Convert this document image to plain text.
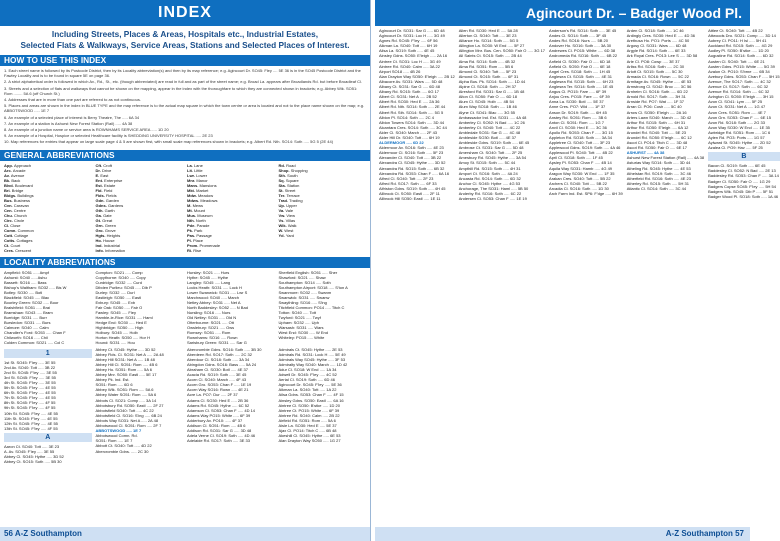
INDEX
Including Streets, Places & Areas, Hospitals etc., Industrial Estates,
Selected Flats & Walkways, Service Areas, Stations and Selected Places of Interest.
HOW TO USE THIS INDEX
1. Each street name is followed by its Postcode District, then by its Locality abbreviation(s) and then by its map reference; e.g. Agincourt Dr. SO45: Fley .... 5E 36 is in the SO45 Postcode District and the Fawley Locality and is to be found in square 5E on page 36.
2. A strict alphabetical order is followed in which Av., Rd., St., etc. (though abbreviated) are read in full and as part of the street name; e.g. Broad La. appears after Broadlands Rd. but before Broadleaf Cl.
3. Streets and a selection of flats and walkways that cannot be shown on the mapping, appear in the index with the thoroughfare to which they are connected shown in brackets; e.g. Abbey Wik. SO51: Rom ........ 5A 6 (off Church St.)
4. Addresses that are in more than one part are referred to as not continuous.
5. Places and areas are shown in the index in BLUE TYPE and the map reference is to the actual map square in which the town centre or area is located and not to the place name shown on the map; e.g. ABBOTSWOOD ..... 1E 7
6. An example of a selected place of interest is Berry Theatre, The ..... 6A 34
7. An example of a station is Ashurst New Forest Station (Rail) ..... 4A 38
8. An example of a junction name or service area is ROWNHAMS SERVICE AREA ..... 1D 20
9. An example of a Hospital, Hospice or selected Healthcare facility is SHEDDING UNIVERSITY HOSPITAL ..... 2E 23
10. Map references for entries that appear on large scale page 4 & 5 are shown first, with small scale map references shown in brackets; e.g. Albert Rd. Nth. SO14: Soth ..... 5G 5 (2E 44)
GENERAL ABBREVIATIONS
App. Approach
Arc. Arcade
Av. Avenue
Bk. Back
Blvd. Boulevard
Bri. Bridge
Bldgs. Buildings
Bus. Business
Cvn. Caravan
Cen. Centre
Chu. Church
Circ. Circle
Cl. Close
Comn. Common
Cott. Cottage
Cotts. Cottages
Ct. Court
Cres. Crescent
Cft. Croft
Dr. Drive
E. East
Ent. Enterprise
Est. Estate
Fld. Field
Flds. Fields
Gdn. Garden
Gdns. Gardens
Gth. Garth
Ga. Gate
Gt. Great
Grn. Green
Gro. Grove
Hgts. Heights
Ho. House
Ind. Industrial
Info. Information
La. Lane
Lit. Little
Lwr. Lower
Mnr. Manor
Mans. Mansions
Mkt. Market
Mdw. Meadow
Mdws. Meadows
M. Mews
Mt. Mount
Mus. Museum
Nth. North
Pde. Parade
Pk. Park
Pas. Passage
Pl. Place
Prom. Promenade
Ri. Rise
Rd. Road
Shop. Shopping
Sth. South
Sq. Square
Sta. Station
St. Street
Ter. Terrace
Trad. Trading
Up. Upper
Va. Vale
Vw. View
Vs. Villas
Wik. Walk
W. West
Yd. Yard
LOCALITY ABBREVIATIONS
Ampfield: SO51 ..... Ampf
Ashurst: SO40 ..... Ashu
Bassett: SO16 ..... Bass
Bishop's Waltham: SO32 ..... Bis W
Botley: SO30 ..... Botl
Blackfield: SO45 ..... Blac
Boorley Green: SO32 ..... Boor
Braishfield: SO51 ..... Brai
Bramshaw: SO43 ..... Bram
Burridge: SO31 ..... Burr
Bursledon: SO31 ..... Burs
Calmore: SO40 ..... Calm
Chandler's Ford: SO53 ..... Chan F
Chilworth: SO16 ..... Chil
Colden Common: SO21 ..... Col C
Compton: SO21 ..... Comp
Copythorne: SO40 ..... Copy
Curdridge: SO32 ..... Curd
Dibden Purlieu: SO45 ..... Dib P
Durley: SO32 ..... Durl
Eastleigh: SO50 ..... Eastl
Exbury: SO45 ..... Exb
Fair Oak: SO50 ..... Fair O
Fawley: SO45 ..... Fley
Hamble-le-Rice: SO31 ..... Haml
Hedge End: SO30 ..... Hed E
Highbridge: SO50 ..... High
Holbury: SO45 ..... Holb
Horton Heath: SO50 ..... Hor H
Hound: SO31 ..... Hou
Hursley: SO21 ..... Hurs
Hythe: SO45 ..... Hythe
Langley: SO45 ..... Lang
Locks Heath: SO31 ..... Lock H
Lower Swanwick: SO31 ..... Lwr S
Marchwood: SO40 ..... March
Netley Abbey: SO31 ..... Net A
North Baddesley: SO52 ..... N Bad
Nursling: SO16 ..... Nurs
Old Netley: SO31 ..... Old N
Otterbourne: SO21 ..... Ott
Owslebury: SO21 ..... Ows
Romsey: SO51 ..... Rom
Rownhams: SO16 ..... Rown
Sarisbury Green: SO31 ..... Sar G
Sherfield English: SO51 ..... Sher
Shawford: SO21 ..... Shaw
Southampton: SO14 ..... Soth
Southampton Airport: SO18 ..... S'ton A
Swanmore: SO32 ..... Swanm
Swanwick: SO31 ..... Swanw
Swaythling: SO16 ..... S'ing
Titchfield Common: PO14 ..... Titch C
Totton: SO40 ..... Tott
Twyford: SO21 ..... Twyf
Upham: SO32 ..... Uph
Warsash: SO31 ..... Wars
West End: SO30 ..... W End
Whiteley: PO15 ..... White
1
1st St. SO45: F'ley ..... 3E 55
2nd Av. SO40: Tott ..... 3B 22
2nd St. SO45: F'ley ..... 3E 55
3rd St. SO45: F'ley ..... 3E 55
4th St. SO45: F'ley ..... 3E 55
5th St. SO45: F'ley ..... 4E 55
6th St. SO45: F'ley ..... 4E 55
7th St. SO45: F'ley ..... 4E 55
8th St. SO45: F'ley ..... 4F 55
9th St. SO45: F'ley ..... 4F 55
10th St. SO45: F'ley ..... 4E 55
11th St. SO45: F'ley ..... 4E 55
12th St. SO45: F'ley ..... 4E 55
13th St. SO45: F'ley ..... 4F 55
A
Aaron Ct. SO40: Tott ..... 3E 23
A. Av. SO45: F'ley ..... 3E 55
Abbey Cl. SO45: Hythe ..... 3D 52
Abbey Ct. SO15: Soth ..... 5B 30
Abbey Ct. SO45: Hythe ..... 3D 52
Abbey Flds. Cl. SO31: Net A ..... 2A 48
Abbey Hill SO31: Net A ..... 1B 48
Abbey Hill Cl. SO51: Rom ..... 4B 6
Abbey Ho. SO51: Rom ..... 5A 6
Abbey Mnr. SO50: Eastl ..... 5E 17
Abbey Pk. Ind. Est.
SO51: Rom ..... 6D 6
Abbey Wlk. SO51: Rom ..... 5A 6
Abbey Water SO51: Rom ..... 5A 6
Abbots Cl. SO21: Comp ..... 3A 14
Abbotsbury Rd. SO50: Eastl ..... 2F 27
Abbotsfield SO40: Tott ..... 4C 22
Abbotsfield Cl. SO16: S'ing ..... 6B 24
Abbots Way SO31: Net A ..... 2A 48
Abbotswood Cl. SO51: Rom ..... 2F 7
ABBOTSWOOD ..... 1E 7
Abbotswood Comn. Rd.
SO51: Rom ..... 1E 7
Abbott Ct. SO40: Tott ..... 4D 22
Abercrombie Gdns. ..... 2C 30
Abercrombie Gdns. SO16: Soth ..... 3B 30
Aberdeen Rd. SO17: Soth ..... 2C 32
Aberdour Cl. SO18: Soth ..... 3A 34
Abingdon Gdns. SO16: Bass ..... 5A 24
Abraham Cl. SO30: Botl ..... 4E 37
Acacia Rd. SO19: Soth ..... 3E 45
Acorn Cl. SO40: March ..... 4F 43
Acorn Gro. SO53: Chan F ..... 1E 19
Acorn Way SO16: Rown ..... 4E 21
Acre La. PO7: Dur ..... 2F 37
Adams Cl. SO30: Hed E ..... 2B 36
Adams Rd. SO45: Hythe ..... 6C 52
Adamson Cl. SO53: Chan F ..... 4D 14
Adams Way PO15: White ..... 6F 39
Adderbury Av. PO10: ..... 4F 37
Addison Cl. SO51: Rom ..... 4B 6
Addison Rd. SO31: Sar G ..... 3D 48
Adela Verne Cl. SO19: Soth ..... 4D 46
Adelaide Rd. SO17: Soth ..... 3E 33
Admirals Ct. SO45: Hythe ..... 2E 53
Admirals Rd. SO31: Lock H ..... 5E 49
Admirals Way SO45: Hythe ..... 3F 53
Admiralty Way SO40: March ..... 1D 42
Adur Cl. SO18: W End ..... 1A 34
Adwell Dr. SO45: F'ley ..... 4C 52
Aerial Cl. SO19: Soth ..... 6D 46
Agincourt Dr. SO45: F'ley ..... 5E 36
Aikman La. SO40: Tott ..... 1A 22
Ailsa Gdns. SO53: Chan F ..... 4F 15
Ainsley Gdns. SO50: Eastl ..... 6A 16
Aintree Cl. SO50: B'stke ..... 1D 20
Aintree Ct. PO15: White ..... 6F 39
Aintree Rd. SO40: Calm ..... 2B 22
Airfield Rd. SO51: Rom ..... 5A 6
Aisle La. SO30: Hed E ..... 5E 37
Ajax Cl. PO14: Titch C ..... 6B 48
Akeshill Cl. SO45: Hythe ..... 6E 53
Alan Drayton Way SO50 ..... 1G 27
56 A-Z Southampton
Agincourt Dr. – Badger Wood Pl.
Agincourt Dr. SO31: Sar G ..... 6D 48
Agincourt Dr. SO31: Loc H ..... 3G 49
Agnes Rd. SO45: F'ley ..... 6F 56
Aikman La. SO40: Tott ..... 6H 19
Ailsa La. SO19: Soth ..... 4E 45
Ainsley Gdns. SO50: E'leigh ..... 2A 16
Aintree Ct. SO31: Loc H ..... 3G 49
Aintree Rd. SO40: Calm ..... 3A 22
Airport SO18 ..... 4B 26
Alan Drayton Way SO50: E'leigh ..... 2B 12
Albacore Av. SO31: Wars ..... 5D 48
Albany Ct. SO31: Sar G ..... 6D 48
Albany Rd. SO15: Soth ..... 6G 17
Albert Cl. SO31: Net A ..... 2B 52
Albert Rd. SO30: Hed E ..... 2A 36
Albert Rd. Nth. SO14: Soth ..... 2E 44
Albert Rd. Sth. SO14: Soth ..... 5G 5
Albion Pl. SO14: Soth ..... 2C 4
Albion Towers SO14: Soth ..... 3D 44
Alcantara Cres. SO14: Soth ..... 3C 44
Alder Cl. SO40: March ..... 2F 43
Alder Hill Dr. SO40: Tott ..... 6H 19
ALDERMOOR ..... 6D 22
Aldermoor Av. SO16: Soth ..... 4E 23
Aldermoor Cl. SO16: Soth ..... 5F 23
Alexander Cl. SO40: Tott ..... 3B 22
Alexandra Cl. SO45: Hythe ..... 3D 52
Alexandra Rd. SO15: Soth ..... 6B 32
Alexandra Rd. SO53: Chan F ..... 6A 16
Alfred Cl. SO40: Tott ..... 2F 23
Alfred Rd. SO17: Soth ..... 6F 33
Alfriston Gdns. SO19: Soth ..... 4H 45
Allbrook Ct. SO50: Eastl ..... 2F 11
Allbrook Hill SO50: Eastl ..... 1E 11
Allen Rd. SO30: Hed E ..... 5A 28
Allerton Cl. SO40: Tott ..... 3E 23
Alliance Ho. SO14: Soth ..... 5G 5
Allington La. SO30: W End ..... 5F 27
Allington Mnr. Bus. Cen. SO50: Fair O ..... 3G 17
All Saints Ct. SO15: Soth ..... 2B 44
Alma Rd. SO14: Soth ..... 4B 32
Alma Rd. SO51: Rom ..... 5B 6
Almond Cl. SO40: Tott ..... 5F 23
Almond Ct. SO15: Soth ..... 6F 31
Alpha Bus. Pk. SO14: Soth ..... 1D 44
Alpine Cl. SO18: Soth ..... 2H 37
Alresford Rd. SO31: Sar G ..... 1B 48
Alton Cl. SO50: Fair O ..... 6D 18
Alum Cl. SO45: Holb ..... 4B 54
Alum Way SO18: Soth ..... 1B 46
Alyne Ct. SO41: Blac ..... 3G 55
Ambassador Ind. Est. SO31 ..... 4A 48
Amberley Cl. SO52: N Bad ..... 1C 26
Amberley Ct. SO40: Tott ..... 4C 22
Ambledale SO31: Sar G ..... 4C 48
Ambleside SO30: Botl ..... 4E 37
Ambleside Gdns. SO19: Soth ..... 6E 45
Ambrose Ct. SO31: Sar G ..... 5D 48
Amersham Ct. SO40: Tott ..... 2F 25
Amesbury Rd. SO45: Hythe ..... 3A 54
Amoy St. SO15: Soth ..... 5C 44
Ampthill Rd. SO15: Soth ..... 4H 31
Amport Ct. SO16: Soth ..... 4A 24
Ancasta Rd. SO14: Soth ..... 6D 32
Anchor Cl. SO45: Hythe ..... 4G 53
Anchorage, The SO31: Haml ..... 5B 50
Anderby Rd. SO16: Soth ..... 6C 22
Andersen Cl. SO53: Chan F ..... 1E 19
Anderson's Rd. SO14: Soth ..... 3E 45
Andes Cl. SO14: Soth ..... 3F 45
Andes Rd. SO16: Nurs ..... 5B 20
Andover Ho. SO16: Soth ..... 3A 30
Andrewes Cl. PO15: White ..... 6D 38
Andromeda Rd. SO16: Soth ..... 6B 22
Anfield Cl. SO50: Fair O ..... 6D 18
Anfield Ct. SO50: Fair O ..... 6E 18
Angel Cres. SO18: Soth ..... 1H 45
Anglesea Ct. SO15: Soth ..... 4E 31
Anglesea Rd. SO15: Soth ..... 6H 23
Anglesea Ter. SO14: Soth ..... 1E 45
Angus Cl. PO15: Fare ..... 6F 39
Anjou Cres. PO15: Fare ..... 6F 39
Anna La. SO30: Botl ..... 5E 37
Anne Cres. PO7: Wid ..... 1F 37
Anson Dr. SO19: Soth ..... 6H 45
Anstey Rd. SO51: Rom ..... 3B 6
Anton Cl. SO51: Rom ..... 1G 7
Anvil Cl. SO30: Hed E ..... 3C 36
Apollo Rd. SO53: Chan F ..... 3G 15
Appleton Rd. SO18: Soth ..... 3A 34
Appletree Cl. SO40: Tott ..... 3F 23
Applewood Gdns. SO19: Soth ..... 4A 46
Applewood Pl. SO40: Tott ..... 4B 22
April Cl. SO18: Soth ..... 1F 45
Apsley Pl. SO53: Chan F ..... 4B 14
Aquila Way SO31: Hamb ..... 4G 49
Aragon Way SO30: W End ..... 1F 35
Arakan Cres. SO40: Tott ..... 5B 22
Archers Cl. SO40: Tott ..... 5B 22
Arcadia Cl. SO16: Soth ..... 1D 30
Arch Farm Ind. Est. SP6: F'dge ..... 6H 39
Arden Cl. SO18: Soth ..... 1C 46
Ardingly Cres. SO30: Hed E ..... 4D 36
Arethusa Ho. PO1: Ports ..... 4C 50
Argosy Cl. SO31: Wars ..... 6D 48
Argyle Rd. SO14: Soth ..... 6E 33
Ark Royal Cres. PO13: Lee S ..... 3D 58
Arle Cl. PO8: Cowp ..... 3E 37
Arliss Rd. SO16: Soth ..... 2C 30
Arlott Ct. SO15: Soth ..... 5C 30
Armada Cl. SO16: Rown ..... 5C 22
Armitage Av. SO45: Hythe ..... 4E 53
Armstrong Cl. SO42: Broc ..... 3C 56
Arnheim Cl. SO16: Soth ..... 6D 22
Arnold Rd. SO17: Soth ..... 3H 31
Arnside Rd. PO7: Wat ..... 1F 37
Arran Cl. PO6: Cosh ..... 5C 40
Arrow Cl. SO50: E'leigh ..... 2A 16
Arters Lawn SO40: March ..... 3D 42
Arthur Rd. SO15: Soth ..... 6H 31
Arthur Rd. SO50: E'leigh ..... 6A 12
Arundel Rd. SO40: Tott ..... 5E 23
Arundel Rd. SO50: E'leigh ..... 6C 12
Ascot Cl. PO14: Titch C ..... 3D 48
Ascot Rd. SO50: Fair O ..... 6E 17
ASHURST ..... 4A 38
Ashurst New Forest Station (Rail) ..... 4A 38
Asturias Way SO14: Soth ..... 3D 44
Atheling Rd. SO45: Hythe ..... 4E 53
Athelstan Rd. SO19: Soth ..... 3C 46
Atherfield Rd. SO16: Soth ..... 4E 23
Atherley Rd. SO15: Soth ..... 5H 31
Atlantic Cl. SO14: Soth ..... 3C 44
Attlee Ct. SO40: Tott ..... 4B 22
Attwoods Dro. SO21: Comp ..... 3D 14
Aubrey Cl. PO11: H Isl ..... 5H 41
Auckland Rd. SO15: Soth ..... 4G 29
Audley Pl. SO50: B'stke ..... 1D 20
Augustine Rd. SO14: Soth ..... 6D 32
Austen Cl. SO40: Tott ..... 6E 21
Austen Gdns. PO15: White ..... 5G 39
Avalon Ct. PO10: S'brne ..... 6B 34
Avebury Gdns. SO53: Chan F ..... 5H 15
Avenue, The SO17: Soth ..... 4C 32
Avenue Ct. SO17: Soth ..... 6C 32
Avenue Rd. SO14: Soth ..... 6C 32
Avington Cl. SO50: E'leigh ..... 3H 15
Avon Cl. SO41: Lym ..... 5F 25
Avon Ct. SO31: Net A ..... 1G 47
Avon Cres. SO51: Rom ..... 4E 7
Avon Grn. SO53: Chan F ..... 6E 15
Avon Rd. SO18: Soth ..... 2G 33
Avon Way SO30: W End ..... 1E 35
Awbridge Rd. SO51: Rom ..... 1C 6
Aylen Rd. PO3: Ports ..... 1G 57
Aylward St. SO45: Hythe ..... 2D 52
Azalea Cl. PO9: Hav ..... 5F 25
B
Bacon Cl. SO19: Soth ..... 6E 45
Baddesley Cl. SO52: N Bad ..... 2E 13
Baddesley Rd. SO53: Chan F ..... 3A 14
Badger Cl. SO50: Fair O ..... 1G 29
Badgers Copse SO45: F'ley ..... 5H 54
Badgers Wlk. SO45: Dib P ..... 5F 51
Badger Wood Pl. SO18: Soth ..... 1A 46
A-Z Southampton 57
